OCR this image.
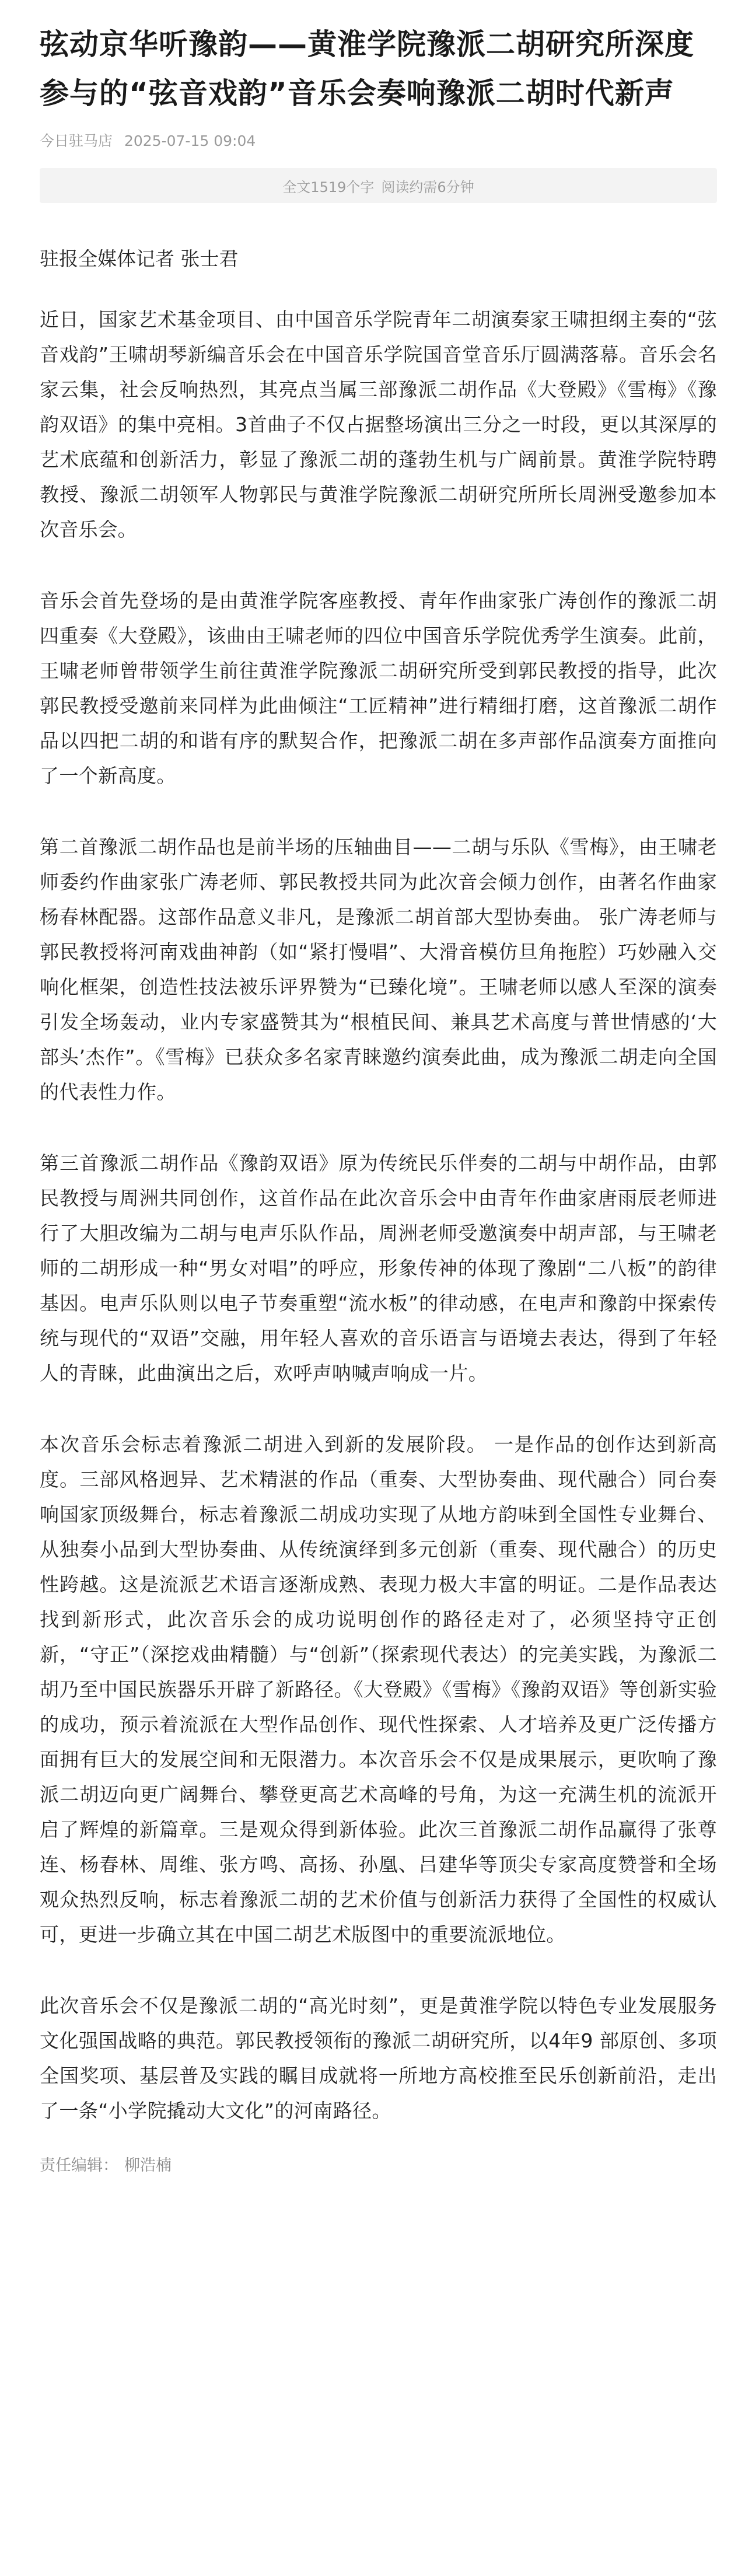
弦动京华听豫韵——黄淮学院豫派二胡研究所深度参与的“弦音戏韵”音乐会奏响豫派二胡时代新声
今日驻马店 2025-07-15 09:04
全文1519个字 阅读约需6分钟
驻报全媒体记者 张士君

近日，国家艺术基金项目、由中国音乐学院青年二胡演奏家王啸担纲主奏的“弦音戏韵”王啸胡琴新编音乐会在中国音乐学院国音堂音乐厅圆满落幕。音乐会名家云集，社会反响热烈，其亮点当属三部豫派二胡作品《大登殿》《雪梅》《豫韵双语》的集中亮相。3首曲子不仅占据整场演出三分之一时段，更以其深厚的艺术底蕴和创新活力，彰显了豫派二胡的蓬勃生机与广阔前景。黄淮学院特聘教授、豫派二胡领军人物郭民与黄淮学院豫派二胡研究所所长周洲受邀参加本次音乐会。

音乐会首先登场的是由黄淮学院客座教授、青年作曲家张广涛创作的豫派二胡四重奏《大登殿》，该曲由王啸老师的四位中国音乐学院优秀学生演奏。此前，王啸老师曾带领学生前往黄淮学院豫派二胡研究所受到郭民教授的指导，此次郭民教授受邀前来同样为此曲倾注“工匠精神”进行精细打磨，这首豫派二胡作品以四把二胡的和谐有序的默契合作，把豫派二胡在多声部作品演奏方面推向了一个新高度。

第二首豫派二胡作品也是前半场的压轴曲目——二胡与乐队《雪梅》，由王啸老师委约作曲家张广涛老师、郭民教授共同为此次音会倾力创作，由著名作曲家杨春林配器。这部作品意义非凡，是豫派二胡首部大型协奏曲。 张广涛老师与郭民教授将河南戏曲神韵（如“紧打慢唱”、大滑音模仿旦角拖腔）巧妙融入交响化框架，创造性技法被乐评界赞为“已臻化境”。王啸老师以感人至深的演奏引发全场轰动，业内专家盛赞其为“根植民间、兼具艺术高度与普世情感的‘大部头’杰作”。《雪梅》已获众多名家青睐邀约演奏此曲，成为豫派二胡走向全国的代表性力作。

第三首豫派二胡作品《豫韵双语》原为传统民乐伴奏的二胡与中胡作品，由郭民教授与周洲共同创作，这首作品在此次音乐会中由青年作曲家唐雨辰老师进行了大胆改编为二胡与电声乐队作品，周洲老师受邀演奏中胡声部，与王啸老师的二胡形成一种“男女对唱”的呼应，形象传神的体现了豫剧“二八板”的韵律基因。电声乐队则以电子节奏重塑“流水板”的律动感，在电声和豫韵中探索传统与现代的“双语”交融，用年轻人喜欢的音乐语言与语境去表达，得到了年轻人的青睐，此曲演出之后，欢呼声呐喊声响成一片。

本次音乐会标志着豫派二胡进入到新的发展阶段。 一是作品的创作达到新高度。三部风格迥异、艺术精湛的作品（重奏、大型协奏曲、现代融合）同台奏响国家顶级舞台，标志着豫派二胡成功实现了从地方韵味到全国性专业舞台、从独奏小品到大型协奏曲、从传统演绎到多元创新（重奏、现代融合）的历史性跨越。这是流派艺术语言逐渐成熟、表现力极大丰富的明证。二是作品表达找到新形式，此次音乐会的成功说明创作的路径走对了，必须坚持守正创新，“守正”（深挖戏曲精髓）与“创新”（探索现代表达）的完美实践，为豫派二胡乃至中国民族器乐开辟了新路径。《大登殿》《雪梅》《豫韵双语》等创新实验的成功，预示着流派在大型作品创作、现代性探索、人才培养及更广泛传播方面拥有巨大的发展空间和无限潜力。本次音乐会不仅是成果展示，更吹响了豫派二胡迈向更广阔舞台、攀登更高艺术高峰的号角，为这一充满生机的流派开启了辉煌的新篇章。三是观众得到新体验。此次三首豫派二胡作品赢得了张尊连、杨春林、周维、张方鸣、高扬、孙凰、吕建华等顶尖专家高度赞誉和全场观众热烈反响，标志着豫派二胡的艺术价值与创新活力获得了全国性的权威认可，更进一步确立其在中国二胡艺术版图中的重要流派地位。

此次音乐会不仅是豫派二胡的“高光时刻”，更是黄淮学院以特色专业发展服务文化强国战略的典范。郭民教授领衔的豫派二胡研究所，以4年9 部原创、多项全国奖项、基层普及实践的瞩目成就将一所地方高校推至民乐创新前沿，走出了一条“小学院撬动大文化”的河南路径。

责任编辑： 柳浩楠
